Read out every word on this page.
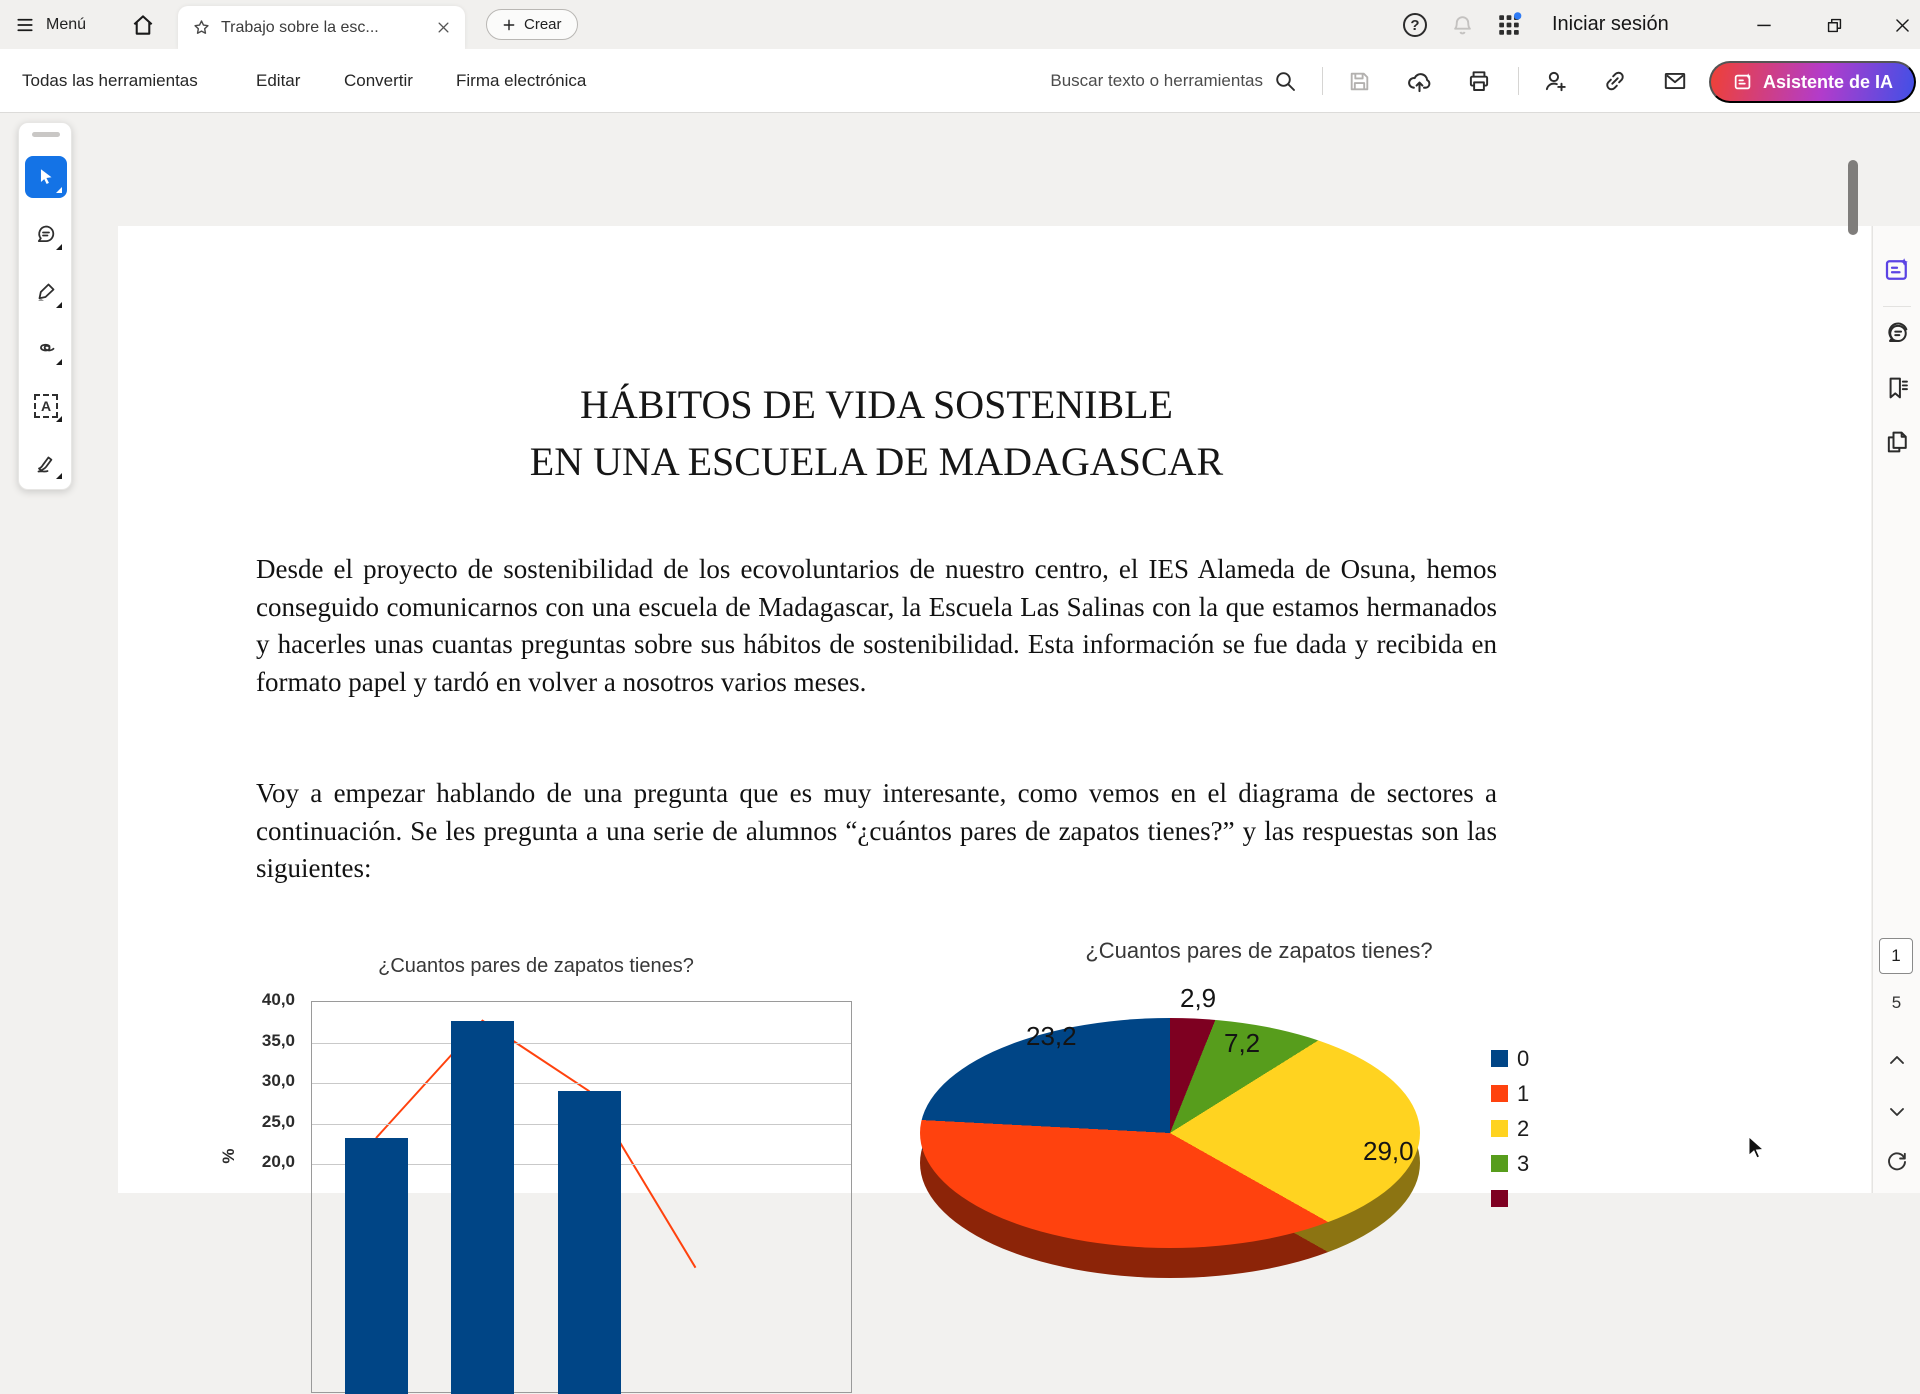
Menú	Trabajo sobre la esc...	Crear	?	Iniciar sesión
Todas las herramientas	Editar	Convertir	Firma electrónica
Buscar texto o herramientas	Asistente de IA
HÁBITOS DE VIDA SOSTENIBLE
EN UNA ESCUELA DE MADAGASCAR

Desde el proyecto de sostenibilidad de los ecovoluntarios de nuestro centro, el IES Alameda de Osuna, hemos conseguido comunicarnos con una escuela de Madagascar, la Escuela Las Salinas con la que estamos hermanados y hacerles unas cuantas preguntas sobre sus hábitos de sostenibilidad. Esta información se fue dada y recibida en formato papel y tardó en volver a nosotros varios meses.

Voy a empezar hablando de una pregunta que es muy interesante, como vemos en el diagrama de sectores a continuación. Se les pregunta a una serie de alumnos “¿cuántos pares de zapatos tienes?” y las respuestas son las siguientes:

¿Cuantos pares de zapatos tienes?
%
40,0
35,0
30,0
25,0
20,0
¿Cuantos pares de zapatos tienes?
2,9
23,2	7,2
29,0
0
1
2
3
A
1
5
